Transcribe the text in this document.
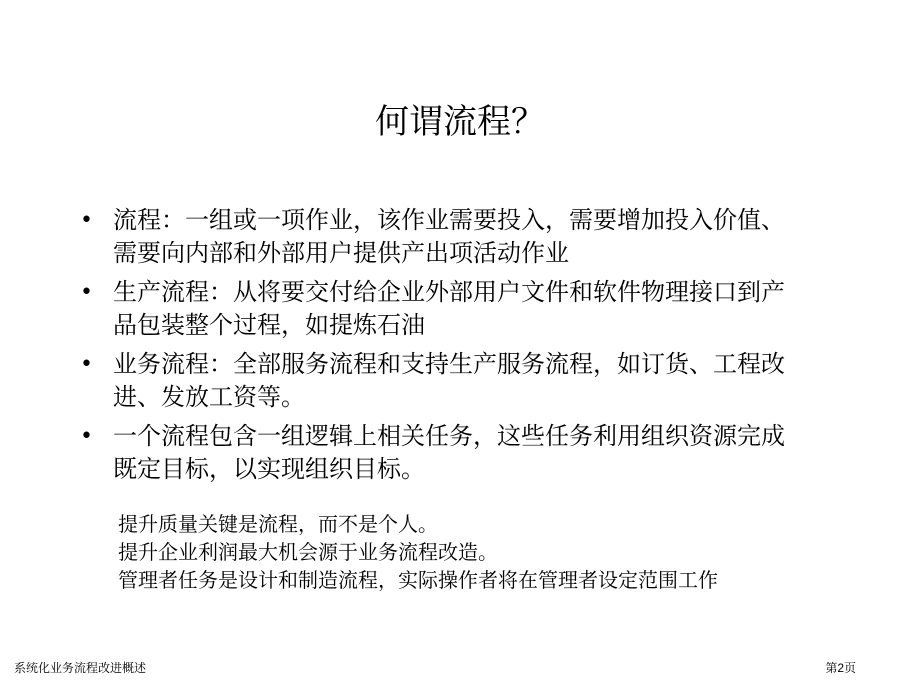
何谓流程？
• 流程：一组或一项作业，该作业需要投入，需要增加投入价值、
需要向内部和外部用户提供产出项活动作业
• 生产流程：从将要交付给企业外部用户文件和软件物理接口到产
品包装整个过程，如提炼石油
• 业务流程：全部服务流程和支持生产服务流程，如订货、工程改
进、发放工资等。
• 一个流程包含一组逻辑上相关任务，这些任务利用组织资源完成
既定目标，以实现组织目标。
提升质量关键是流程，而不是个人。
提升企业利润最大机会源于业务流程改造。
管理者任务是设计和制造流程，实际操作者将在管理者设定范围工作
系统化业务流程改进概述	第2页
